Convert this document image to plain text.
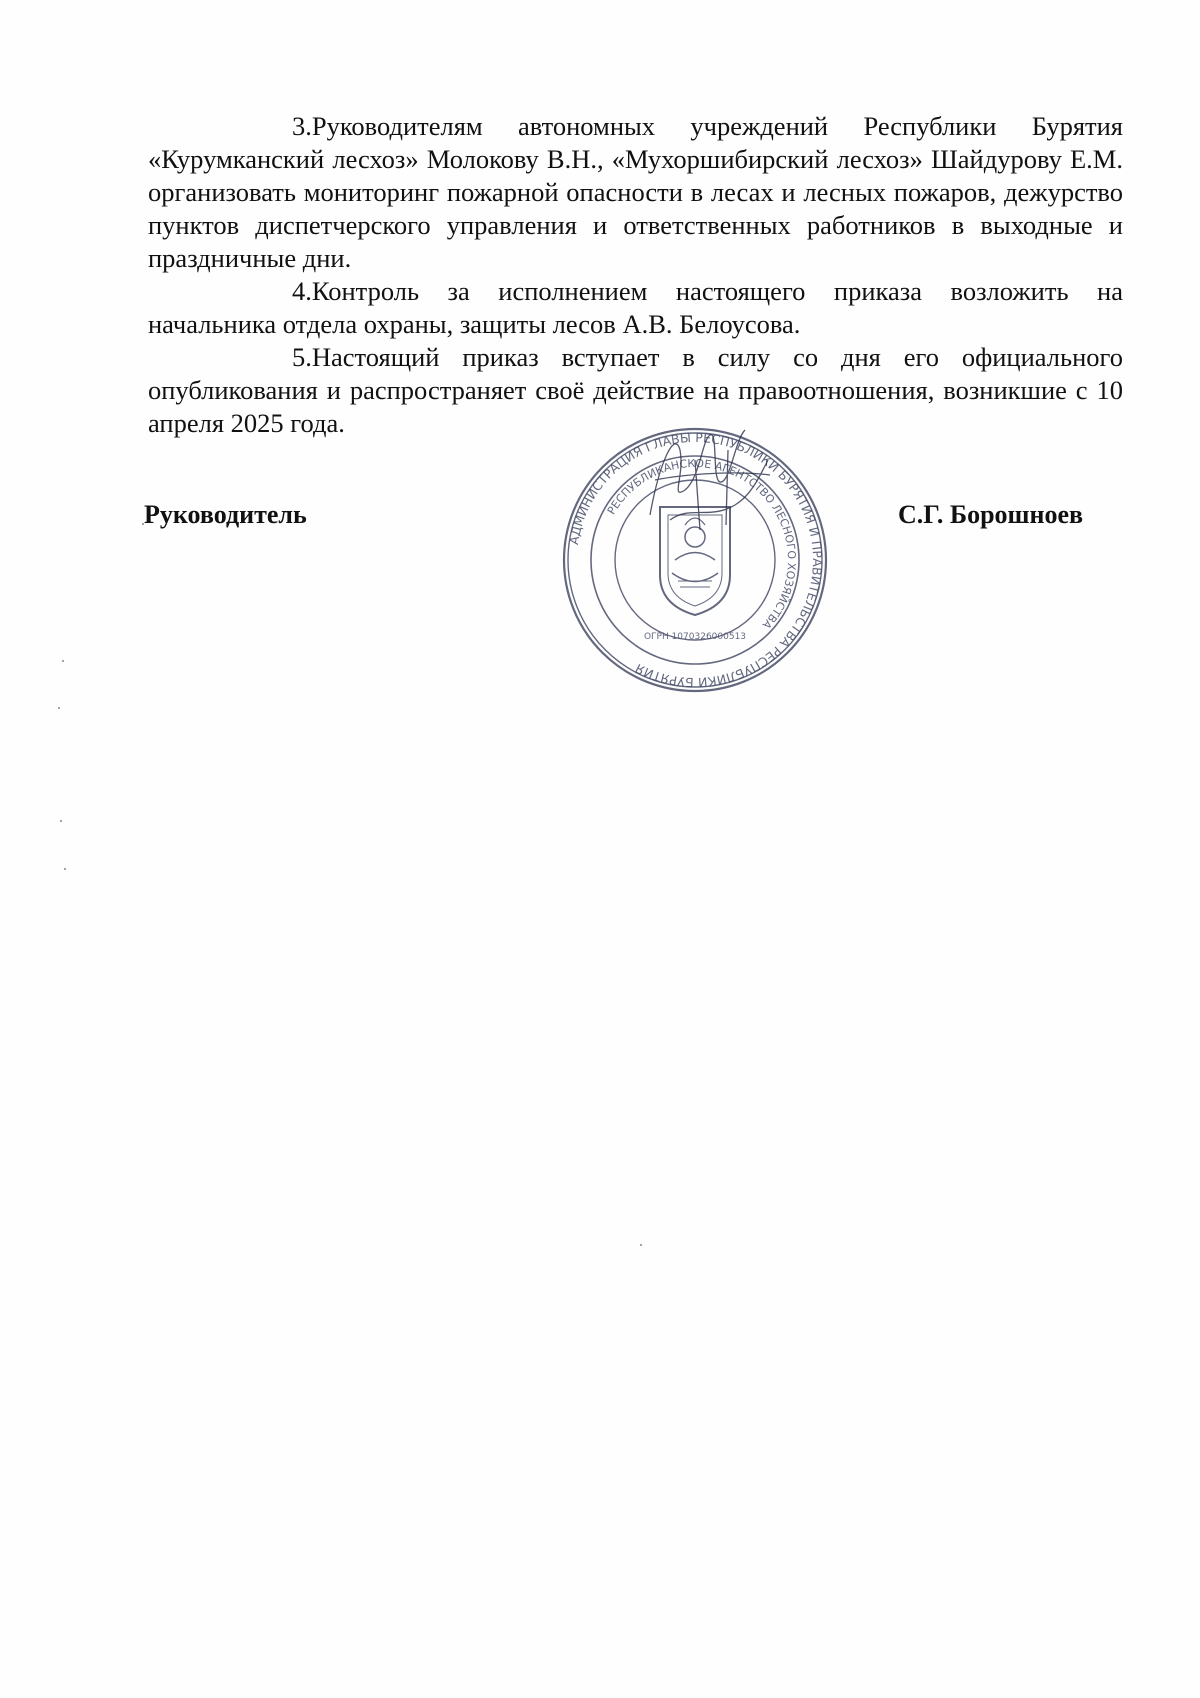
3.Руководителям автономных учреждений Республики Бурятия «Курумканский лесхоз» Молокову В.Н., «Мухоршибирский лесхоз» Шайдурову Е.М. организовать мониторинг пожарной опасности в лесах и лесных пожаров, дежурство пунктов диспетчерского управления и ответственных работников в выходные и праздничные дни.

4.Контроль за исполнением настоящего приказа возложить на начальника отдела охраны, защиты лесов А.В. Белоусова.

5.Настоящий приказ вступает в силу со дня его официального опубликования и распространяет своё действие на правоотношения, возникшие с 10 апреля 2025 года.

Руководитель	С.Г. Борошноев
АДМИНИСТРАЦИЯ ГЛАВЫ РЕСПУБЛИКИ БУРЯТИЯ И ПРАВИТЕЛЬСТВА РЕСПУБЛИКИ БУРЯТИЯ
РЕСПУБЛИКАНСКОЕ АГЕНТСТВО ЛЕСНОГО ХОЗЯЙСТВА
ОГРН 1070326000513
